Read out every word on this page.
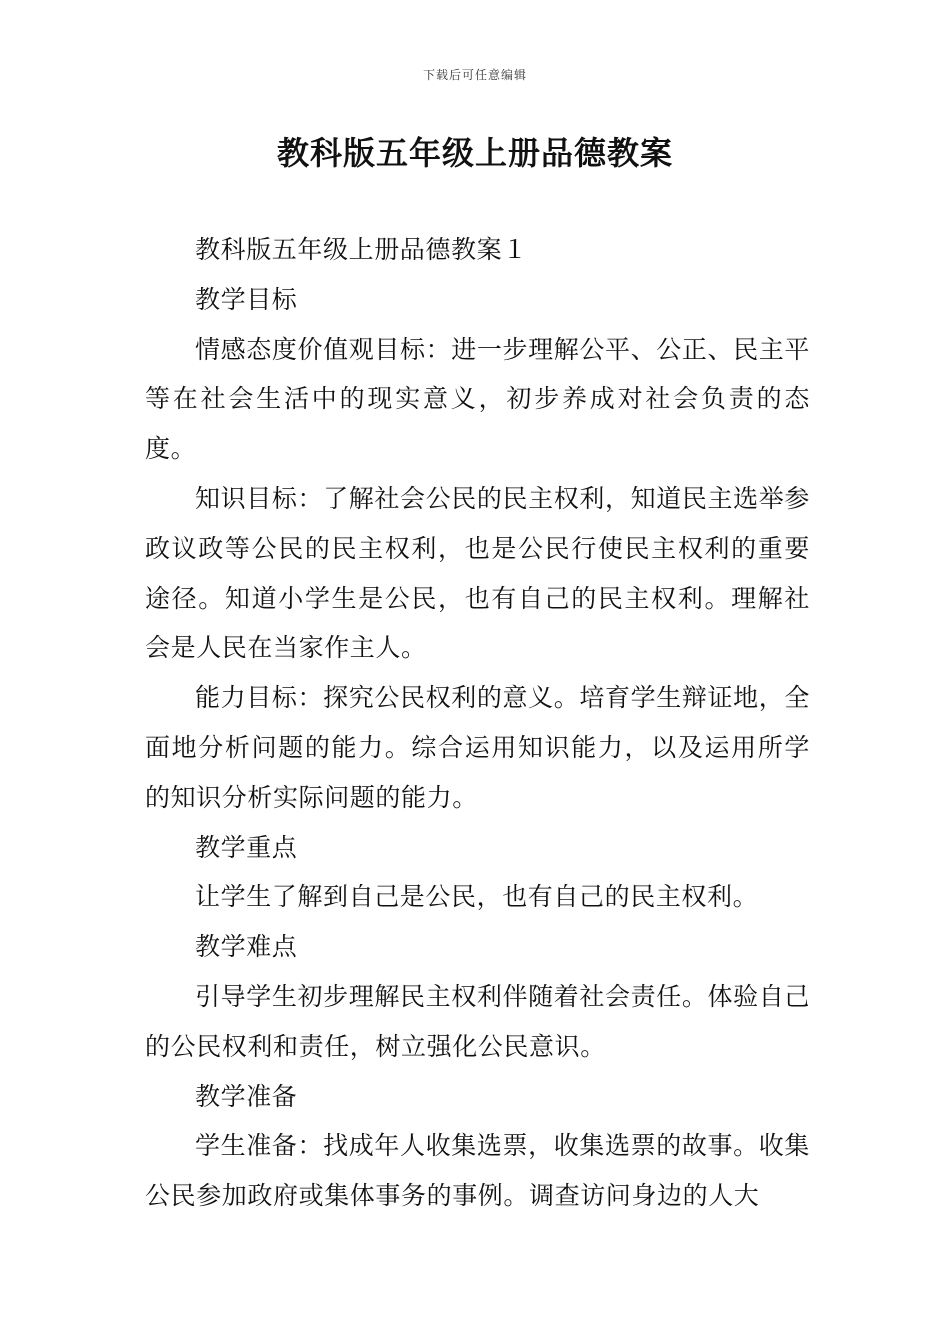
下载后可任意编辑
教科版五年级上册品德教案

教科版五年级上册品德教案１

教学目标

情感态度价值观目标：进一步理解公平、公正、民主平等在社会生活中的现实意义，初步养成对社会负责的态度。

知识目标：了解社会公民的民主权利，知道民主选举参政议政等公民的民主权利，也是公民行使民主权利的重要途径。知道小学生是公民，也有自己的民主权利。理解社会是人民在当家作主人。

能力目标：探究公民权利的意义。培育学生辩证地，全面地分析问题的能力。综合运用知识能力，以及运用所学的知识分析实际问题的能力。

教学重点

让学生了解到自己是公民，也有自己的民主权利。

教学难点

引导学生初步理解民主权利伴随着社会责任。体验自己的公民权利和责任，树立强化公民意识。

教学准备

学生准备：找成年人收集选票，收集选票的故事。收集公民参加政府或集体事务的事例。调查访问身边的人大
